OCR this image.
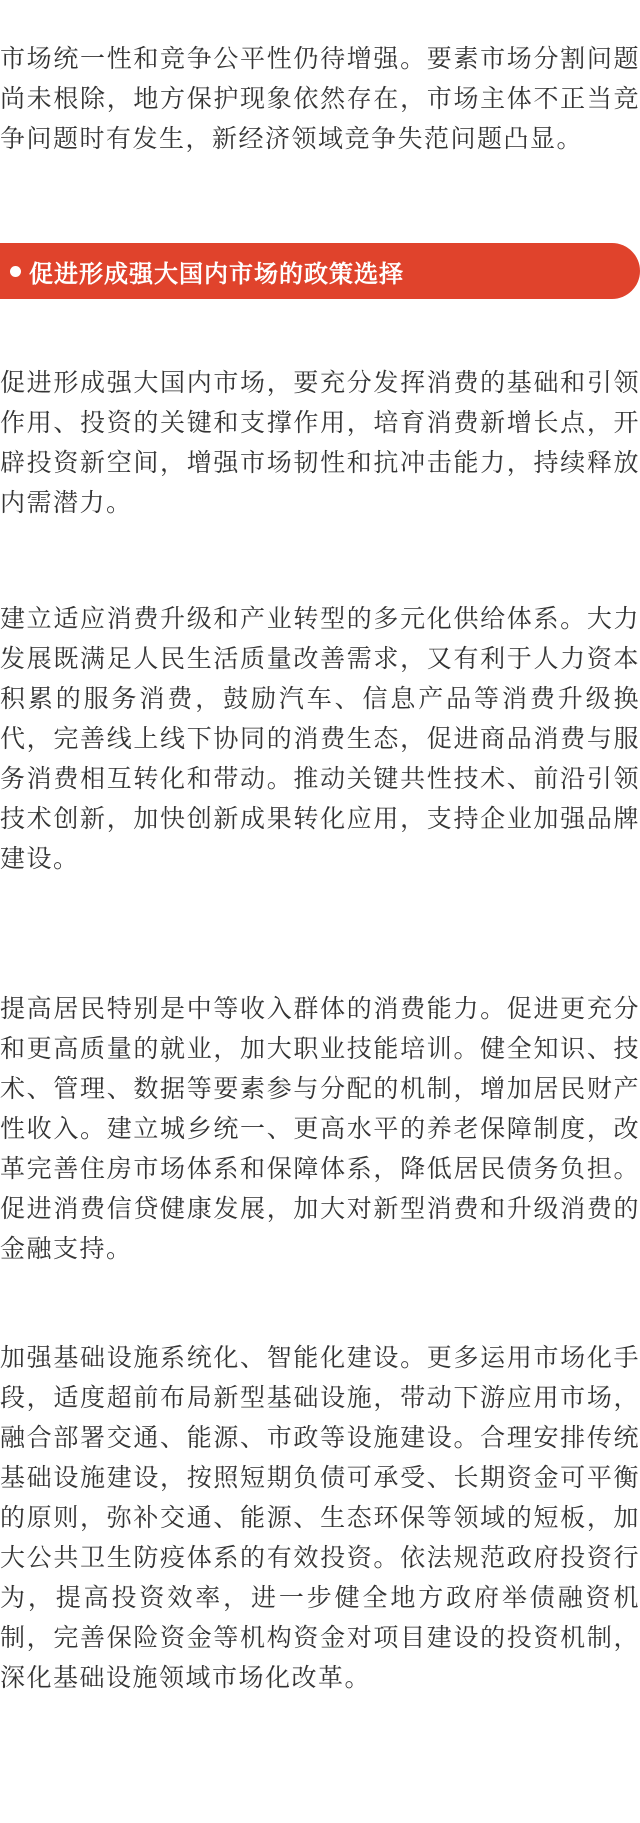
市场统一性和竞争公平性仍待增强。要素市场分割问题尚未根除，地方保护现象依然存在，市场主体不正当竞争问题时有发生，新经济领域竞争失范问题凸显。

促进形成强大国内市场的政策选择

促进形成强大国内市场，要充分发挥消费的基础和引领作用、投资的关键和支撑作用，培育消费新增长点，开辟投资新空间，增强市场韧性和抗冲击能力，持续释放内需潜力。

建立适应消费升级和产业转型的多元化供给体系。大力发展既满足人民生活质量改善需求，又有利于人力资本积累的服务消费，鼓励汽车、信息产品等消费升级换代，完善线上线下协同的消费生态，促进商品消费与服务消费相互转化和带动。推动关键共性技术、前沿引领技术创新，加快创新成果转化应用，支持企业加强品牌建设。

提高居民特别是中等收入群体的消费能力。促进更充分和更高质量的就业，加大职业技能培训。健全知识、技术、管理、数据等要素参与分配的机制，增加居民财产性收入。建立城乡统一、更高水平的养老保障制度，改革完善住房市场体系和保障体系，降低居民债务负担。促进消费信贷健康发展，加大对新型消费和升级消费的金融支持。

加强基础设施系统化、智能化建设。更多运用市场化手段，适度超前布局新型基础设施，带动下游应用市场，融合部署交通、能源、市政等设施建设。合理安排传统基础设施建设，按照短期负债可承受、长期资金可平衡的原则，弥补交通、能源、生态环保等领域的短板，加大公共卫生防疫体系的有效投资。依法规范政府投资行为，提高投资效率，进一步健全地方政府举债融资机制，完善保险资金等机构资金对项目建设的投资机制，深化基础设施领域市场化改革。
